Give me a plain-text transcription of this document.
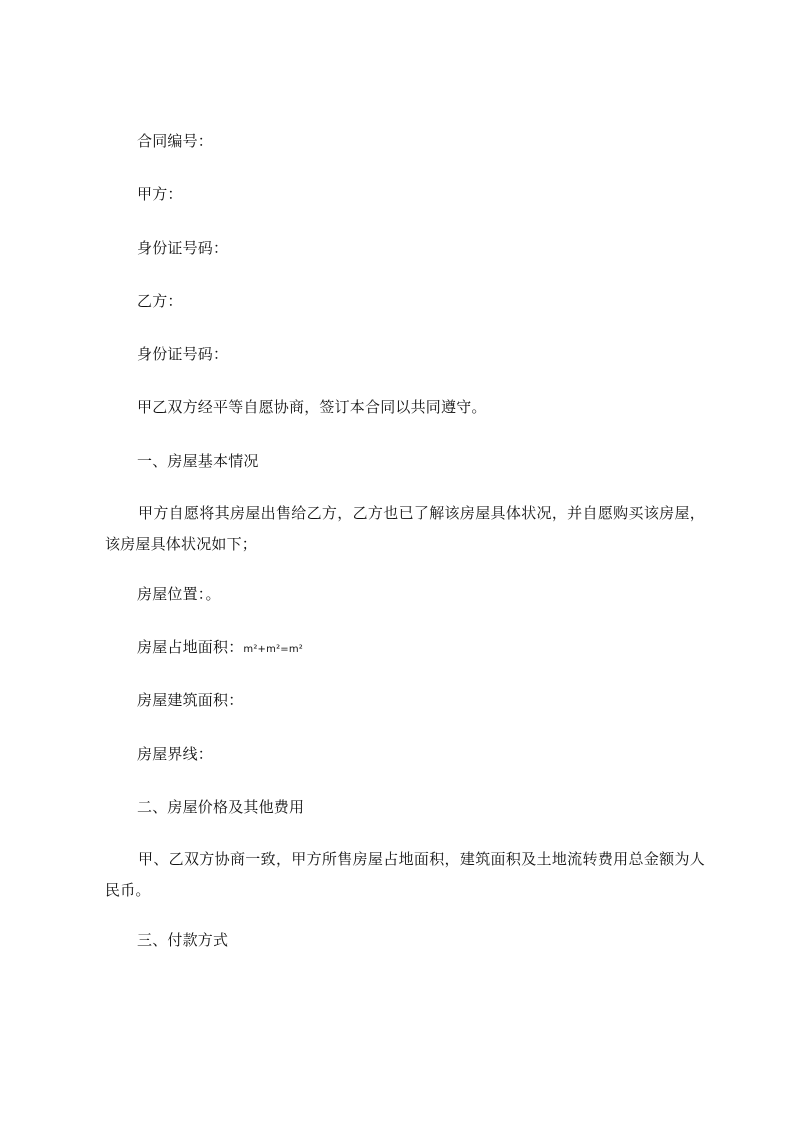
合同编号：
甲方：
身份证号码：
乙方：
身份证号码：
甲乙双方经平等自愿协商，签订本合同以共同遵守。
一、房屋基本情况
甲方自愿将其房屋出售给乙方，乙方也已了解该房屋具体状况，并自愿购买该房屋，该房屋具体状况如下；
房屋位置：。
房屋占地面积：m²+m²=m²
房屋建筑面积：
房屋界线：
二、房屋价格及其他费用
甲、乙双方协商一致，甲方所售房屋占地面积，建筑面积及土地流转费用总金额为人民币。
三、付款方式
